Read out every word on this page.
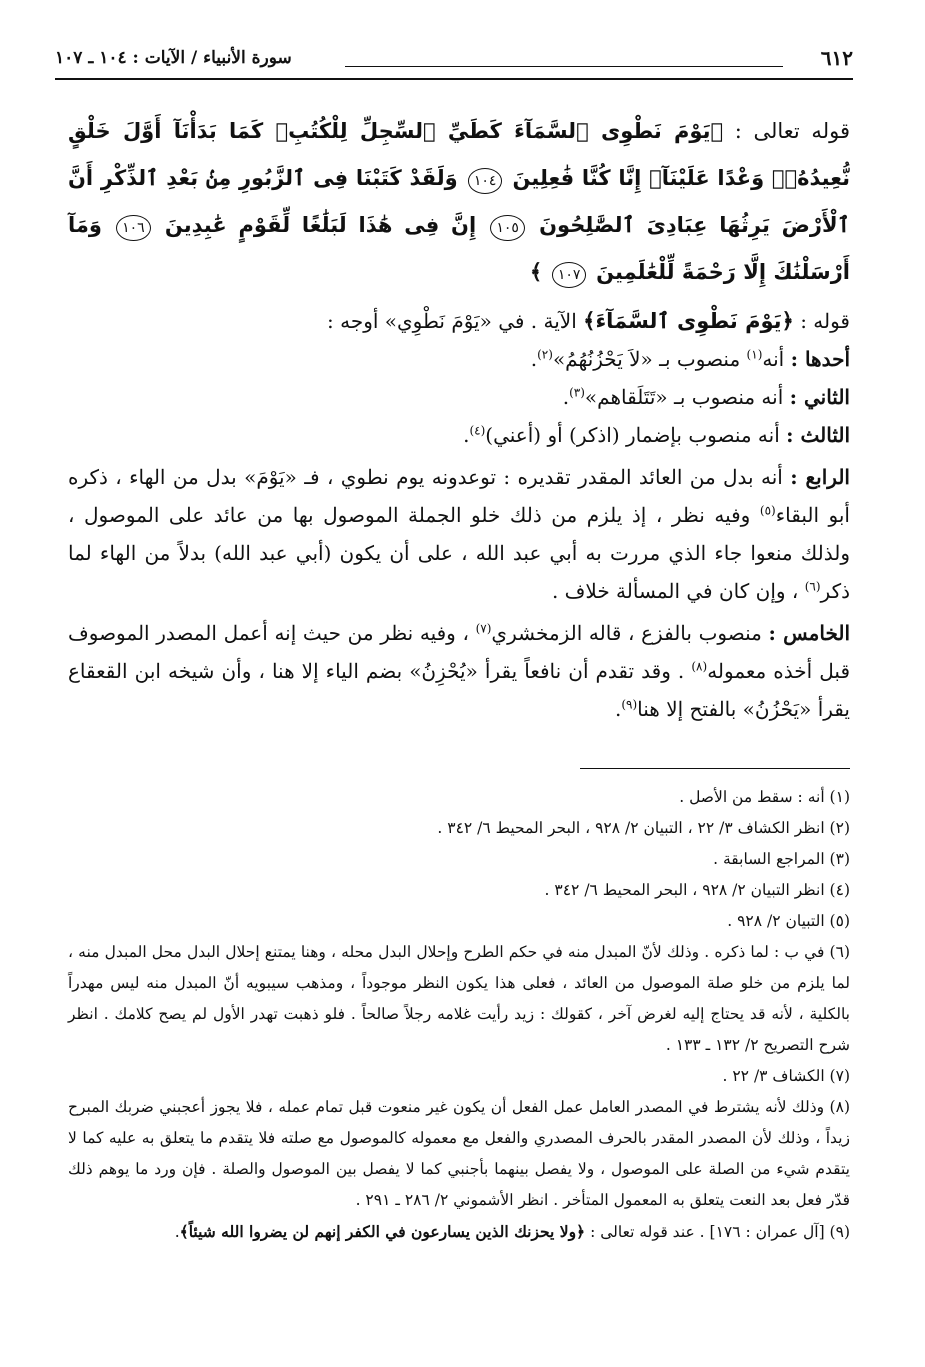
٦١٢
سورة الأنبياء / الآيات : ١٠٤ ـ ١٠٧

قوله تعالى : ﴿يَوْمَ نَطْوِى ٱلسَّمَآءَ كَطَيِّ ٱلسِّجِلِّ لِلْكُتُبِۚ كَمَا بَدَأْنَآ أَوَّلَ خَلْقٍ نُّعِيدُهُۥۚ وَعْدًا عَلَيْنَآۚ إِنَّا كُنَّا فَٰعِلِينَ ١٠٤ وَلَقَدْ كَتَبْنَا فِى ٱلزَّبُورِ مِنۢ بَعْدِ ٱلذِّكْرِ أَنَّ ٱلْأَرْضَ يَرِثُهَا عِبَادِىَ ٱلصَّٰلِحُونَ ١٠٥ إِنَّ فِى هَٰذَا لَبَلَٰغًا لِّقَوْمٍ عَٰبِدِينَ ١٠٦ وَمَآ أَرْسَلْنَٰكَ إِلَّا رَحْمَةً لِّلْعَٰلَمِينَ ١٠٧ ﴾

قوله : ﴿يَوْمَ نَطْوِى ٱلسَّمَآءَ﴾ الآية . في «يَوْمَ نَطْوِي» أوجه :

أحدها : أنه$^{(١)}$ منصوب بـ «لاَ يَحْزُنُهُمُ»$^{(٢)}$.

الثاني : أنه منصوب بـ «تَتَلَقاهم»$^{(٣)}$.

الثالث : أنه منصوب بإضمار (اذكر) أو (أعني)$^{(٤)}$.

الرابع : أنه بدل من العائد المقدر تقديره : توعدونه يوم نطوي ، فـ «يَوْمَ» بدل من الهاء ، ذكره أبو البقاء$^{(٥)}$ وفيه نظر ، إذ يلزم من ذلك خلو الجملة الموصول بها من عائد على الموصول ، ولذلك منعوا جاء الذي مررت به أبي عبد الله ، على أن يكون (أبي عبد الله) بدلاً من الهاء لما ذكر$^{(٦)}$ ، وإن كان في المسألة خلاف .

الخامس : منصوب بالفزع ، قاله الزمخشري$^{(٧)}$ ، وفيه نظر من حيث إنه أعمل المصدر الموصوف قبل أخذه معموله$^{(٨)}$ . وقد تقدم أن نافعاً يقرأ «يُحْزِنُ» بضم الياء إلا هنا ، وأن شيخه ابن القعقاع يقرأ «يَحْزُنُ» بالفتح إلا هنا$^{(٩)}$.

(١) أنه : سقط من الأصل .

(٢) انظر الكشاف ٣/ ٢٢ ، التبيان ٢/ ٩٢٨ ، البحر المحيط ٦/ ٣٤٢ .

(٣) المراجع السابقة .

(٤) انظر التبيان ٢/ ٩٢٨ ، البحر المحيط ٦/ ٣٤٢ .

(٥) التبيان ٢/ ٩٢٨ .

(٦) في ب : لما ذكره . وذلك لأنّ المبدل منه في حكم الطرح وإحلال البدل محله ، وهنا يمتنع إحلال البدل محل المبدل منه ، لما يلزم من خلو صلة الموصول من العائد ، فعلى هذا يكون النظر موجوداً ، ومذهب سيبويه أنّ المبدل منه ليس مهدراً بالكلية ، لأنه قد يحتاج إليه لغرض آخر ، كقولك : زيد رأيت غلامه رجلاً صالحاً . فلو ذهبت تهدر الأول لم يصح كلامك . انظر شرح التصريح ٢/ ١٣٢ ـ ١٣٣ .

(٧) الكشاف ٣/ ٢٢ .

(٨) وذلك لأنه يشترط في المصدر العامل عمل الفعل أن يكون غير منعوت قبل تمام عمله ، فلا يجوز أعجبني ضربك المبرح زيداً ، وذلك لأن المصدر المقدر بالحرف المصدري والفعل مع معموله كالموصول مع صلته فلا يتقدم ما يتعلق به عليه كما لا يتقدم شيء من الصلة على الموصول ، ولا يفصل بينهما بأجنبي كما لا يفصل بين الموصول والصلة . فإن ورد ما يوهم ذلك قدّر فعل بعد النعت يتعلق به المعمول المتأخر . انظر الأشموني ٢/ ٢٨٦ ـ ٢٩١ .

(٩) [آل عمران : ١٧٦] . عند قوله تعالى : ﴿ولا يحزنك الذين يسارعون في الكفر إنهم لن يضروا الله شيئاً﴾.
